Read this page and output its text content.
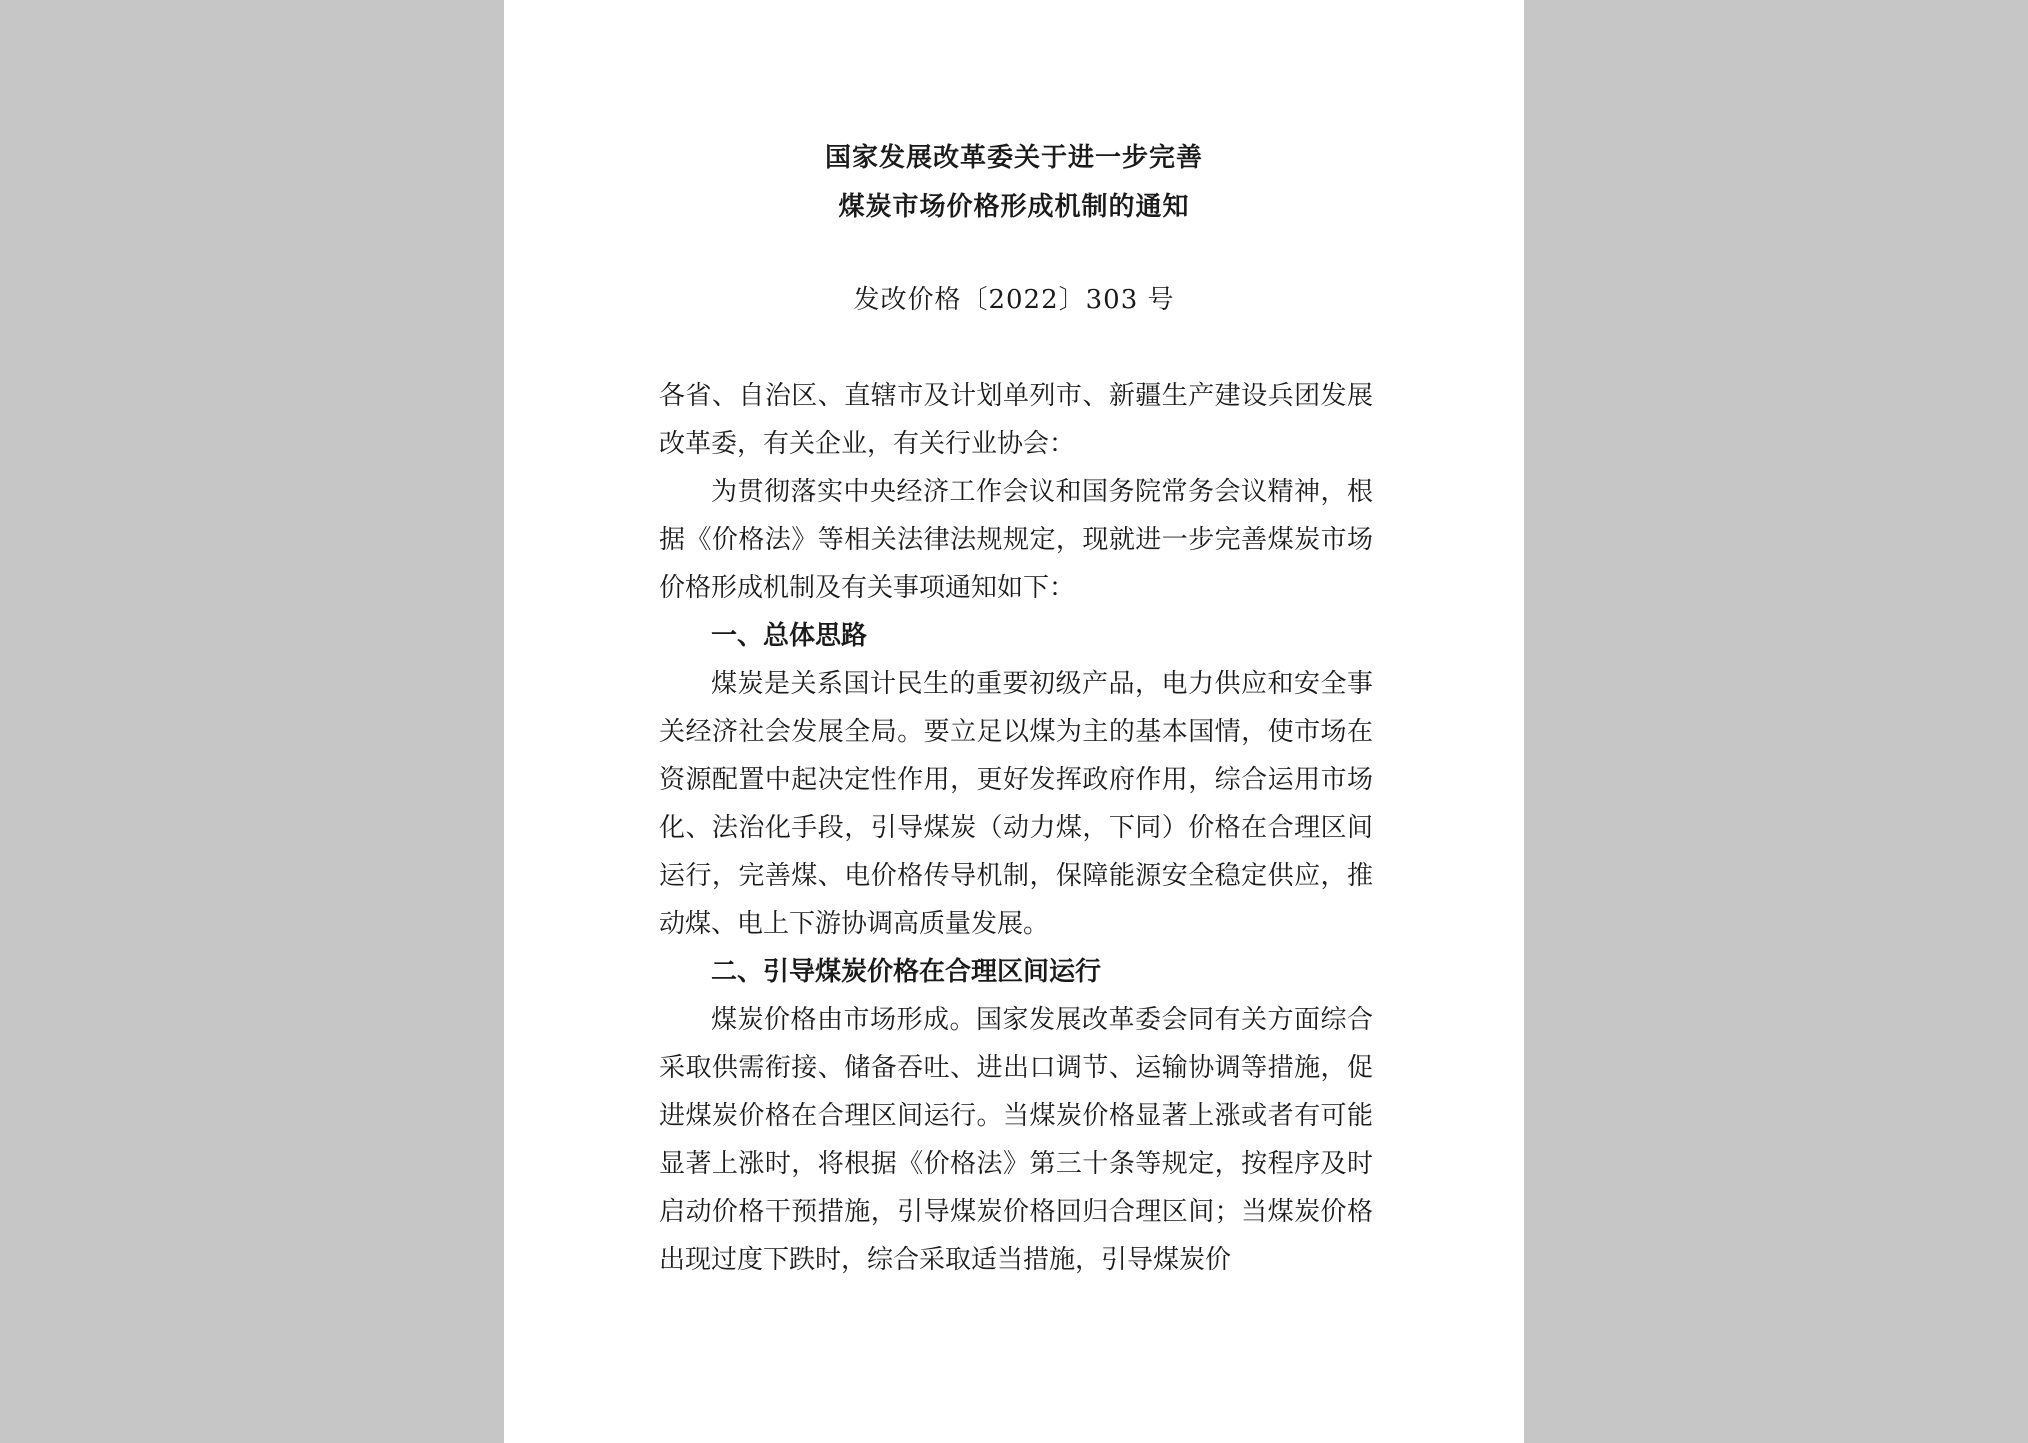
国家发展改革委关于进一步完善
煤炭市场价格形成机制的通知
发改价格〔2022〕303 号

各省、自治区、直辖市及计划单列市、新疆生产建设兵团发展改革委，有关企业，有关行业协会：

为贯彻落实中央经济工作会议和国务院常务会议精神，根据《价格法》等相关法律法规规定，现就进一步完善煤炭市场价格形成机制及有关事项通知如下：

一、总体思路

煤炭是关系国计民生的重要初级产品，电力供应和安全事关经济社会发展全局。要立足以煤为主的基本国情，使市场在资源配置中起决定性作用，更好发挥政府作用，综合运用市场化、法治化手段，引导煤炭（动力煤，下同）价格在合理区间运行，完善煤、电价格传导机制，保障能源安全稳定供应，推动煤、电上下游协调高质量发展。

二、引导煤炭价格在合理区间运行

煤炭价格由市场形成。国家发展改革委会同有关方面综合采取供需衔接、储备吞吐、进出口调节、运输协调等措施，促进煤炭价格在合理区间运行。当煤炭价格显著上涨或者有可能显著上涨时，将根据《价格法》第三十条等规定，按程序及时启动价格干预措施，引导煤炭价格回归合理区间；当煤炭价格出现过度下跌时，综合采取适当措施，引导煤炭价
